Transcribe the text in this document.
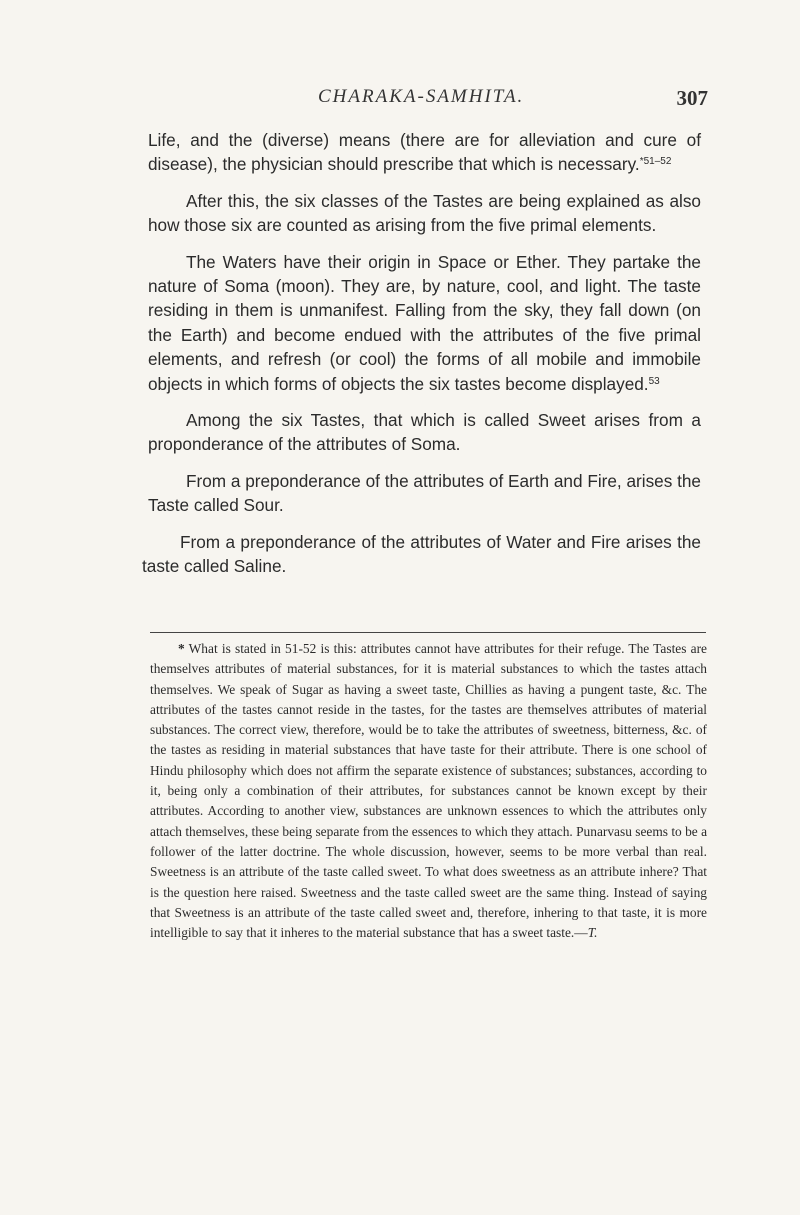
CHARAKA-SAMHITA.	307

Life, and the (diverse) means (there are for alleviation and cure of disease), the physician should prescribe that which is necessary.$^{*51-52}$

After this, the six classes of the Tastes are being explained as also how those six are counted as arising from the five primal elements.

The Waters have their origin in Space or Ether. They partake the nature of Soma (moon). They are, by nature, cool, and light. The taste residing in them is unmanifest. Falling from the sky, they fall down (on the Earth) and become endued with the attributes of the five primal elements, and refresh (or cool) the forms of all mobile and immobile objects in which forms of objects the six tastes become displayed.$^{53}$

Among the six Tastes, that which is called Sweet arises from a proponderance of the attributes of Soma.

From a preponderance of the attributes of Earth and Fire, arises the Taste called Sour.

From a preponderance of the attributes of Water and Fire arises the taste called Saline.

* What is stated in 51-52 is this: attributes cannot have attributes for their refuge. The Tastes are themselves attributes of material substances, for it is material substances to which the tastes attach themselves. We speak of Sugar as having a sweet taste, Chillies as having a pungent taste, &c. The attributes of the tastes cannot reside in the tastes, for the tastes are themselves attributes of material substances. The correct view, therefore, would be to take the attributes of sweetness, bitterness, &c. of the tastes as residing in material substances that have taste for their attribute. There is one school of Hindu philosophy which does not affirm the separate existence of substances; substances, according to it, being only a combination of their attributes, for substances cannot be known except by their attributes. According to another view, substances are unknown essences to which the attributes only attach themselves, these being separate from the essences to which they attach. Punarvasu seems to be a follower of the latter doctrine. The whole discussion, however, seems to be more verbal than real. Sweetness is an attribute of the taste called sweet. To what does sweetness as an attribute inhere? That is the question here raised. Sweetness and the taste called sweet are the same thing. Instead of saying that Sweetness is an attribute of the taste called sweet and, therefore, inhering to that taste, it is more intelligible to say that it inheres to the material substance that has a sweet taste.—T.
